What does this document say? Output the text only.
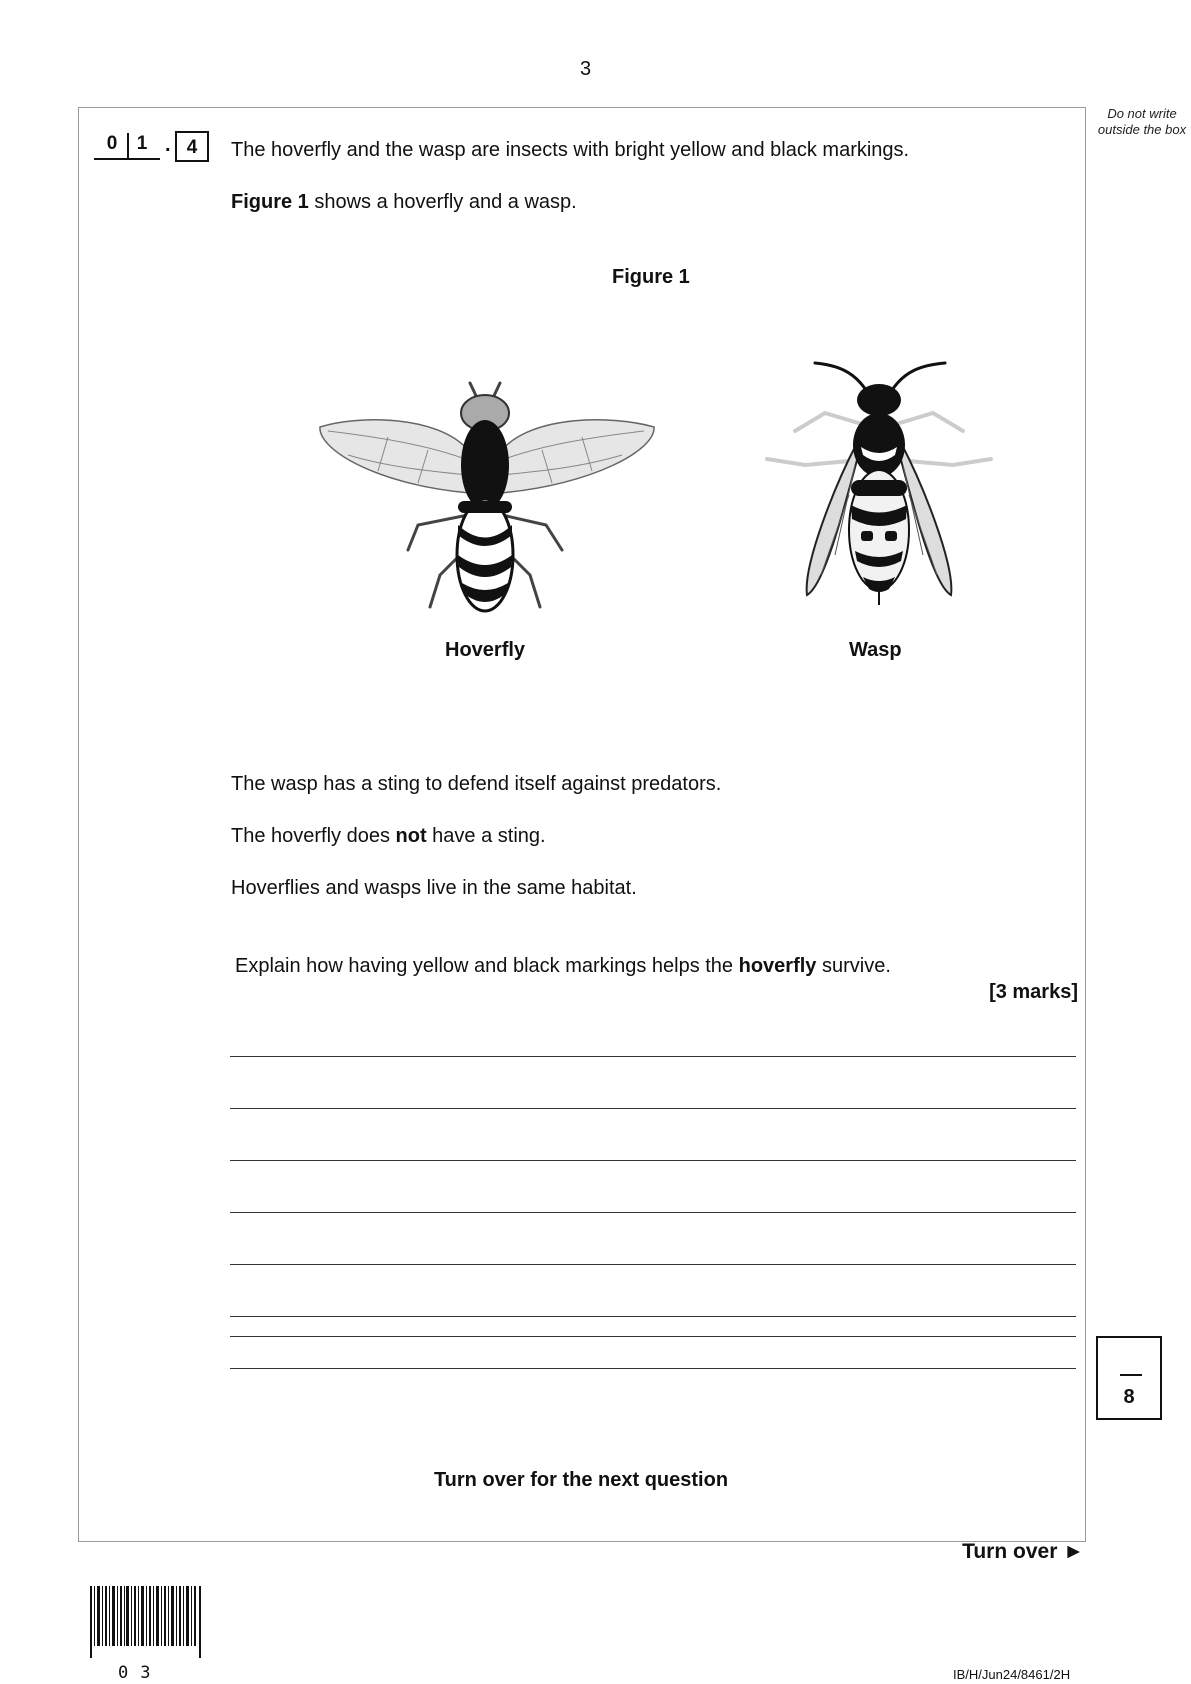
3
Do not write outside the box
0 1 . 4	The hoverfly and the wasp are insects with bright yellow and black markings.
Figure 1 shows a hoverfly and a wasp.
Figure 1
Hoverfly	Wasp
The wasp has a sting to defend itself against predators.
The hoverfly does not have a sting.
Hoverflies and wasps live in the same habitat.
Explain how having yellow and black markings helps the hoverfly survive.
[3 marks]
8
Turn over for the next question
Turn over ►
03	IB/H/Jun24/8461/2H
